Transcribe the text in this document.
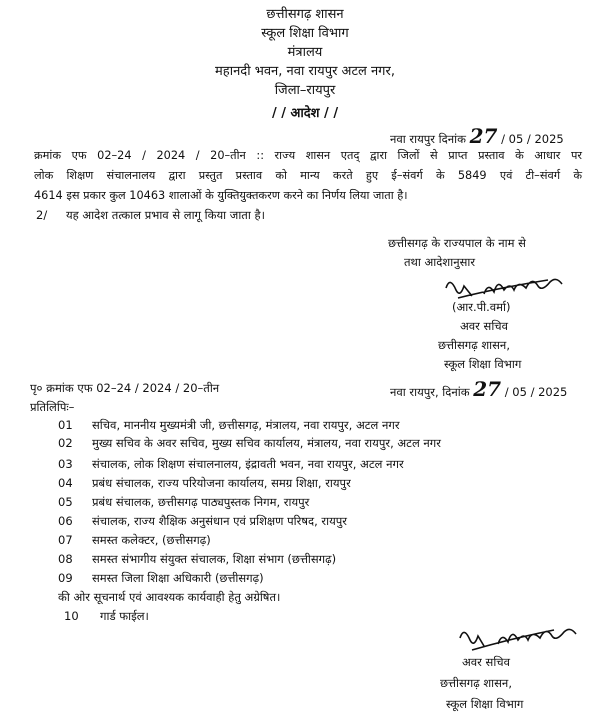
छत्तीसगढ़ शासन
स्कूल शिक्षा विभाग
मंत्रालय
महानदी भवन, नवा रायपुर अटल नगर,
जिला–रायपुर
/ / आदेश / /
नवा रायपुर दिनांक 27 / 05 / 2025
क्रमांक एफ 02–24 / 2024 / 20–तीन :: राज्य शासन एतद् द्वारा जिलों से प्राप्त प्रस्ताव के आधार पर
लोक शिक्षण संचालनालय द्वारा प्रस्तुत प्रस्ताव को मान्य करते हुए ई–संवर्ग के 5849 एवं टी–संवर्ग के
4614 इस प्रकार कुल 10463 शालाओं के युक्तियुक्तकरण करने का निर्णय लिया जाता है।
2/ यह आदेश तत्काल प्रभाव से लागू किया जाता है।
छत्तीसगढ़ के राज्यपाल के नाम से
तथा आदेशानुसार
(आर.पी.वर्मा)
अवर सचिव
छत्तीसगढ़ शासन,
स्कूल शिक्षा विभाग
पृ० क्रमांक एफ 02–24 / 2024 / 20–तीन	नवा रायपुर, दिनांक 27 / 05 / 2025
प्रतिलिपिः–
01 सचिव, माननीय मुख्यमंत्री जी, छत्तीसगढ़, मंत्रालय, नवा रायपुर, अटल नगर
02 मुख्य सचिव के अवर सचिव, मुख्य सचिव कार्यालय, मंत्रालय, नवा रायपुर, अटल नगर
03 संचालक, लोक शिक्षण संचालनालय, इंद्रावती भवन, नवा रायपुर, अटल नगर
04 प्रबंध संचालक, राज्य परियोजना कार्यालय, समग्र शिक्षा, रायपुर
05 प्रबंध संचालक, छत्तीसगढ़ पाठ्यपुस्तक निगम, रायपुर
06 संचालक, राज्य शैक्षिक अनुसंधान एवं प्रशिक्षण परिषद, रायपुर
07 समस्त कलेक्टर, (छत्तीसगढ़)
08 समस्त संभागीय संयुक्त संचालक, शिक्षा संभाग (छत्तीसगढ़)
09 समस्त जिला शिक्षा अधिकारी (छत्तीसगढ़)
की ओर सूचनार्थ एवं आवश्यक कार्यवाही हेतु अग्रेषित।
10 गार्ड फाईल।
अवर सचिव
छत्तीसगढ़ शासन,
स्कूल शिक्षा विभाग
